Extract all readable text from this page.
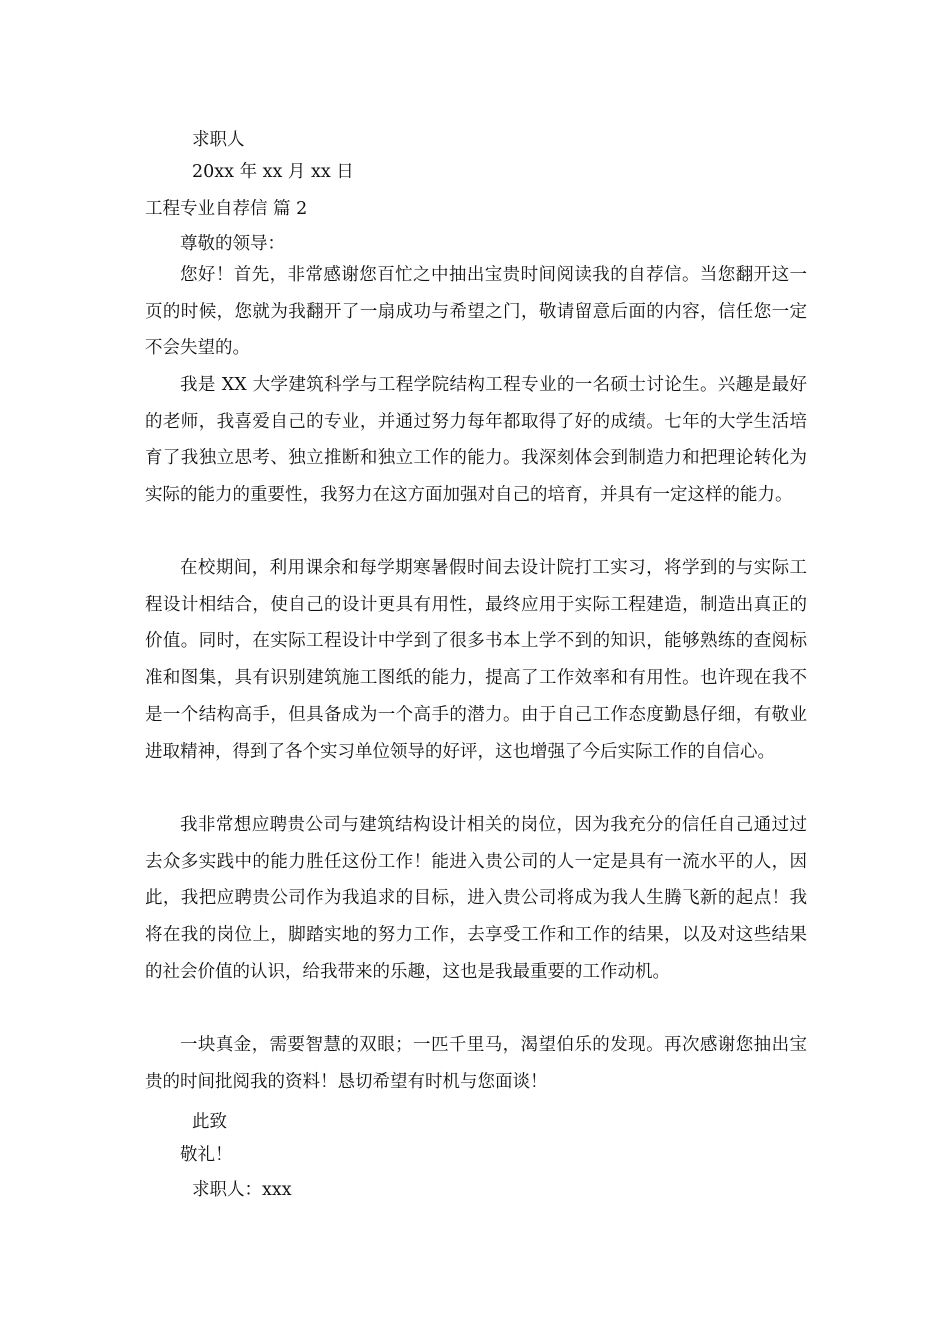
求职人
20xx 年 xx 月 xx 日
工程专业自荐信 篇 2
尊敬的领导：

您好！首先，非常感谢您百忙之中抽出宝贵时间阅读我的自荐信。当您翻开这一页的时候，您就为我翻开了一扇成功与希望之门，敬请留意后面的内容，信任您一定不会失望的。

我是 XX 大学建筑科学与工程学院结构工程专业的一名硕士讨论生。兴趣是最好的老师，我喜爱自己的专业，并通过努力每年都取得了好的成绩。七年的大学生活培育了我独立思考、独立推断和独立工作的能力。我深刻体会到制造力和把理论转化为实际的能力的重要性，我努力在这方面加强对自己的培育，并具有一定这样的能力。

在校期间，利用课余和每学期寒暑假时间去设计院打工实习，将学到的与实际工程设计相结合，使自己的设计更具有用性，最终应用于实际工程建造，制造出真正的价值。同时，在实际工程设计中学到了很多书本上学不到的知识，能够熟练的查阅标准和图集，具有识别建筑施工图纸的能力，提高了工作效率和有用性。也许现在我不是一个结构高手，但具备成为一个高手的潜力。由于自己工作态度勤恳仔细，有敬业进取精神，得到了各个实习单位领导的好评，这也增强了今后实际工作的自信心。

我非常想应聘贵公司与建筑结构设计相关的岗位，因为我充分的信任自己通过过去众多实践中的能力胜任这份工作！能进入贵公司的人一定是具有一流水平的人，因此，我把应聘贵公司作为我追求的目标，进入贵公司将成为我人生腾飞新的起点！我将在我的岗位上，脚踏实地的努力工作，去享受工作和工作的结果，以及对这些结果的社会价值的认识，给我带来的乐趣，这也是我最重要的工作动机。

一块真金，需要智慧的双眼；一匹千里马，渴望伯乐的发现。再次感谢您抽出宝贵的时间批阅我的资料！恳切希望有时机与您面谈！

此致
敬礼！
求职人：xxx
